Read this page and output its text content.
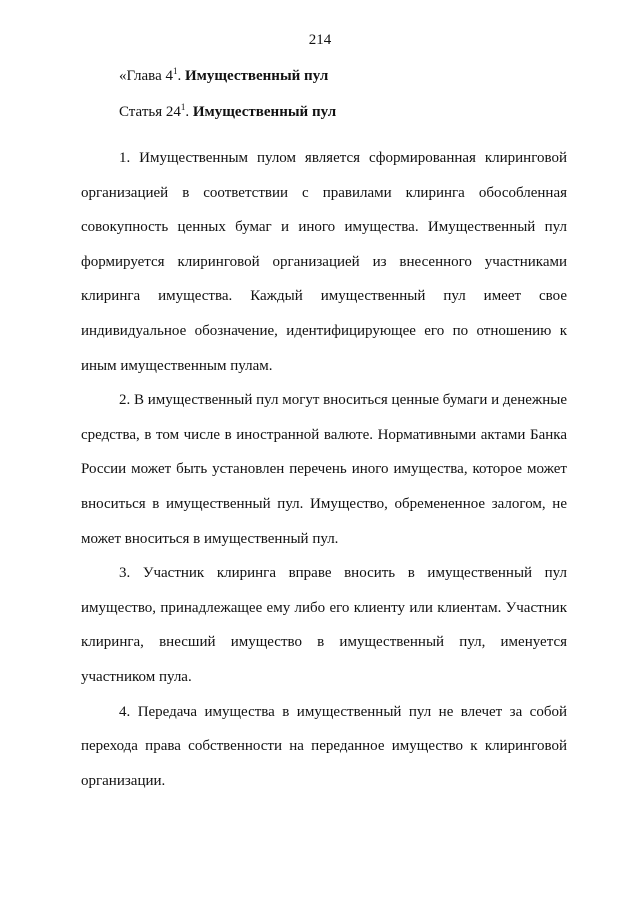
214
«Глава $4^1$. Имущественный пул
Статья $24^1$. Имущественный пул

1. Имущественным пулом является сформированная клиринговой организацией в соответствии с правилами клиринга обособленная совокупность ценных бумаг и иного имущества. Имущественный пул формируется клиринговой организацией из внесенного участниками клиринга имущества. Каждый имущественный пул имеет свое индивидуальное обозначение, идентифицирующее его по отношению к иным имущественным пулам.

2. В имущественный пул могут вноситься ценные бумаги и денежные средства, в том числе в иностранной валюте. Нормативными актами Банка России может быть установлен перечень иного имущества, которое может вноситься в имущественный пул. Имущество, обремененное залогом, не может вноситься в имущественный пул.

3. Участник клиринга вправе вносить в имущественный пул имущество, принадлежащее ему либо его клиенту или клиентам. Участник клиринга, внесший имущество в имущественный пул, именуется участником пула.

4. Передача имущества в имущественный пул не влечет за собой перехода права собственности на переданное имущество к клиринговой организации.
